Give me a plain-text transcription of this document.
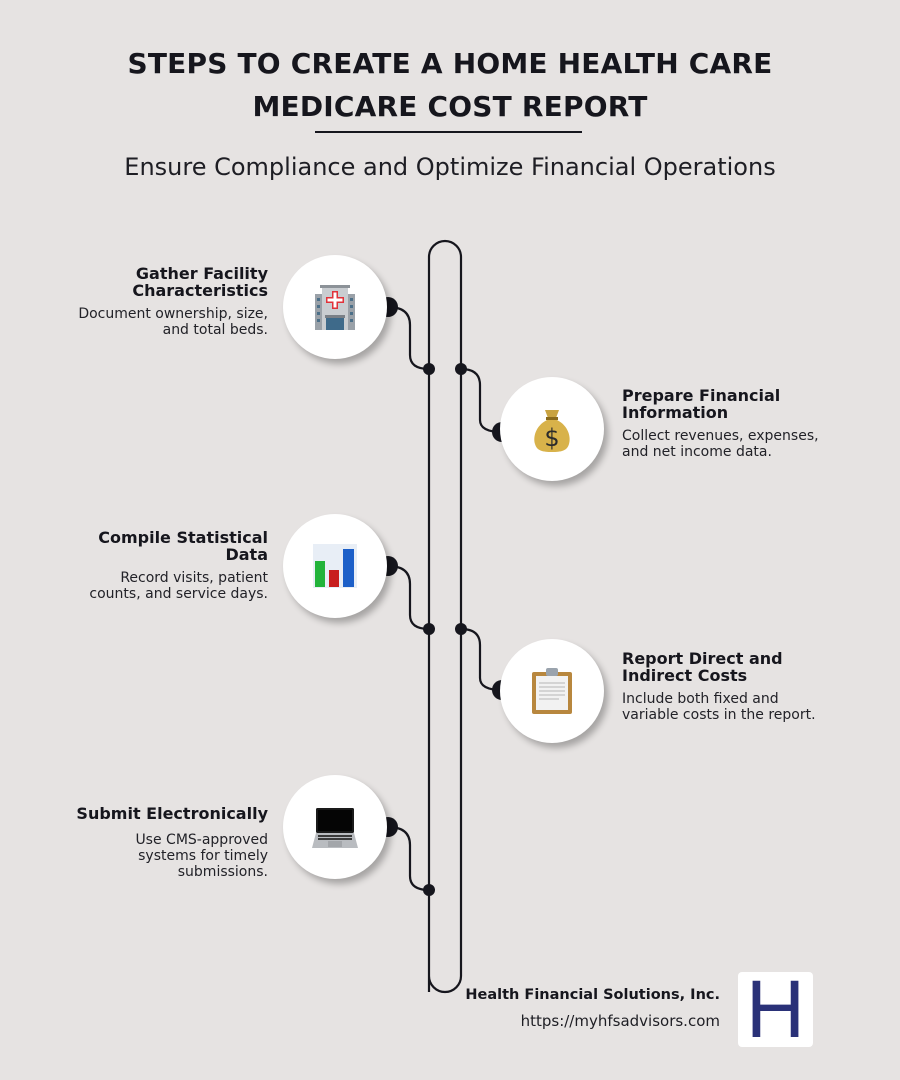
STEPS TO CREATE A HOME HEALTH CARE
MEDICARE COST REPORT
Ensure Compliance and Optimize Financial Operations
Gather Facility
Characteristics
Document ownership, size,
and total beds.
$
Prepare Financial
Information
Collect revenues, expenses,
and net income data.
Compile Statistical
Data
Record visits, patient
counts, and service days.
Report Direct and
Indirect Costs
Include both fixed and
variable costs in the report.
Submit Electronically
Use CMS-approved
systems for timely
submissions.
Health Financial Solutions, Inc.
https://myhfsadvisors.com H
